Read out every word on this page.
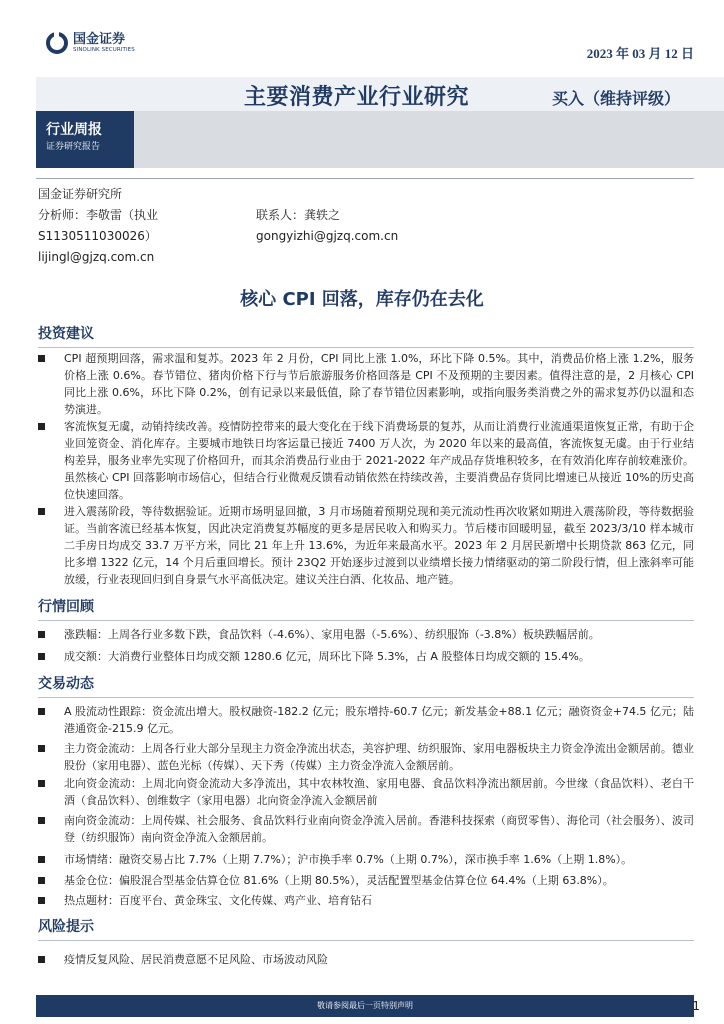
国金证券
SINOLINK SECURITIES	2023 年 03 月 12 日
主要消费产业行业研究	买入（维持评级）
行业周报
证券研究报告
国金证券研究所
分析师：李敬雷（执业
S1130511030026）
lijingl@gjzq.com.cn
联系人：龚轶之
gongyizhi@gjzq.com.cn
核心 CPI 回落，库存仍在去化
投资建议
CPI 超预期回落，需求温和复苏。2023 年 2 月份，CPI 同比上涨 1.0%，环比下降 0.5%。其中，消费品价格上涨 1.2%，服务价格上涨 0.6%。春节错位、猪肉价格下行与节后旅游服务价格回落是 CPI 不及预期的主要因素。值得注意的是，2 月核心 CPI 同比上涨 0.6%，环比下降 0.2%，创有记录以来最低值，除了春节错位因素影响，或指向服务类消费之外的需求复苏仍以温和态势演进。
客流恢复无虞，动销持续改善。疫情防控带来的最大变化在于线下消费场景的复苏，从而让消费行业流通渠道恢复正常，有助于企业回笼资金、消化库存。主要城市地铁日均客运量已接近 7400 万人次，为 2020 年以来的最高值，客流恢复无虞。由于行业结构差异，服务业率先实现了价格回升，而其余消费品行业由于 2021-2022 年产成品存货堆积较多，在有效消化库存前较难涨价。虽然核心 CPI 回落影响市场信心，但结合行业微观反馈看动销依然在持续改善，主要消费品存货同比增速已从接近 10%的历史高位快速回落。
进入震荡阶段，等待数据验证。近期市场明显回撤，3 月市场随着预期兑现和美元流动性再次收紧如期进入震荡阶段，等待数据验证。当前客流已经基本恢复，因此决定消费复苏幅度的更多是居民收入和购买力。节后楼市回暖明显，截至 2023/3/10 样本城市二手房日均成交 33.7 万平方米，同比 21 年上升 13.6%，为近年来最高水平。2023 年 2 月居民新增中长期贷款 863 亿元，同比多增 1322 亿元，14 个月后重回增长。预计 23Q2 开始逐步过渡到以业绩增长接力情绪驱动的第二阶段行情，但上涨斜率可能放缓，行业表现回归到自身景气水平高低决定。建议关注白酒、化妆品、地产链。
行情回顾
涨跌幅：上周各行业多数下跌，食品饮料（-4.6%）、家用电器（-5.6%）、纺织服饰（-3.8%）板块跌幅居前。
成交额：大消费行业整体日均成交额 1280.6 亿元，周环比下降 5.3%，占 A 股整体日均成交额的 15.4%。
交易动态
A 股流动性跟踪：资金流出增大。股权融资-182.2 亿元；股东增持-60.7 亿元；新发基金+88.1 亿元；融资资金+74.5 亿元；陆港通资金-215.9 亿元。
主力资金流动：上周各行业大部分呈现主力资金净流出状态，美容护理、纺织服饰、家用电器板块主力资金净流出金额居前。德业股份（家用电器）、蓝色光标（传媒）、天下秀（传媒）主力资金净流入金额居前。
北向资金流动：上周北向资金流动大多净流出，其中农林牧渔、家用电器、食品饮料净流出额居前。今世缘（食品饮料）、老白干酒（食品饮料）、创维数字（家用电器）北向资金净流入金额居前
南向资金流动：上周传媒、社会服务、食品饮料行业南向资金净流入居前。香港科技探索（商贸零售）、海伦司（社会服务）、波司登（纺织服饰）南向资金净流入金额居前。
市场情绪：融资交易占比 7.7%（上期 7.7%）；沪市换手率 0.7%（上期 0.7%），深市换手率 1.6%（上期 1.8%）。
基金仓位：偏股混合型基金估算仓位 81.6%（上期 80.5%），灵活配置型基金估算仓位 64.4%（上期 63.8%）。
热点题材：百度平台、黄金珠宝、文化传媒、鸡产业、培育钻石
风险提示
疫情反复风险、居民消费意愿不足风险、市场波动风险
敬请参阅最后一页特别声明	1
